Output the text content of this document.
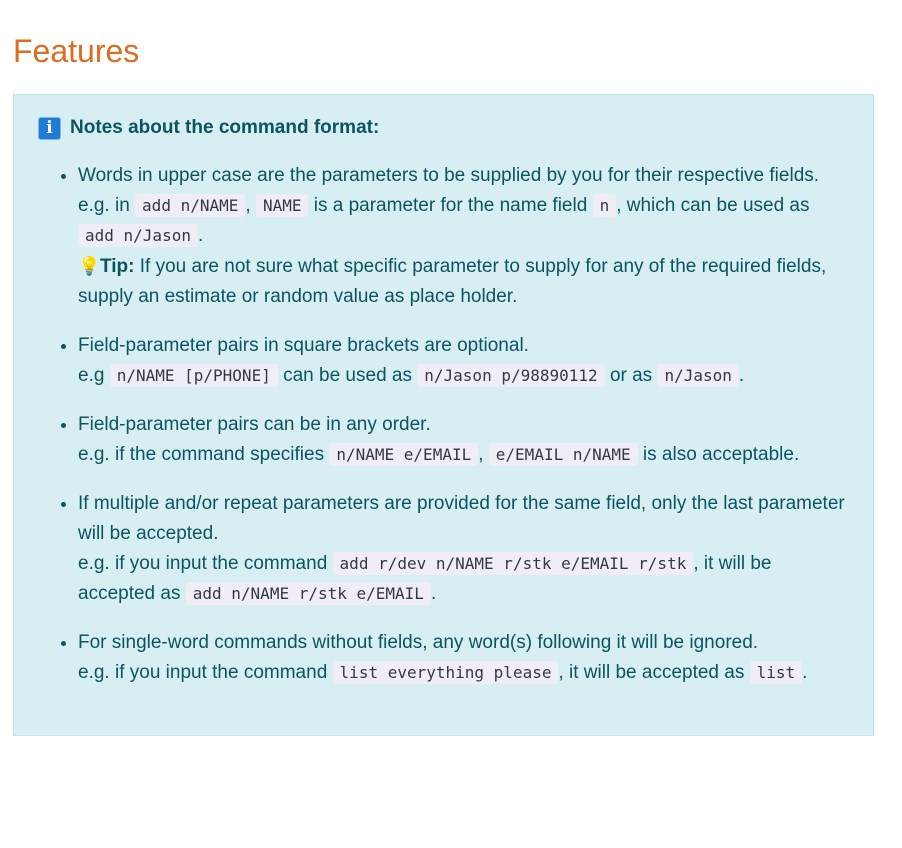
Features
i Notes about the command format:
• Words in upper case are the parameters to be supplied by you for their respective fields.
e.g. in add n/NAME , NAME is a parameter for the name field n , which can be used as add n/Jason .
💡Tip: If you are not sure what specific parameter to supply for any of the required fields, supply an estimate or random value as place holder.
• Field-parameter pairs in square brackets are optional.
e.g n/NAME [p/PHONE] can be used as n/Jason p/98890112 or as n/Jason .
• Field-parameter pairs can be in any order.
e.g. if the command specifies n/NAME e/EMAIL , e/EMAIL n/NAME is also acceptable.
• If multiple and/or repeat parameters are provided for the same field, only the last parameter will be accepted.
e.g. if you input the command add r/dev n/NAME r/stk e/EMAIL r/stk , it will be accepted as add n/NAME r/stk e/EMAIL .
• For single-word commands without fields, any word(s) following it will be ignored.
e.g. if you input the command list everything please , it will be accepted as list .
